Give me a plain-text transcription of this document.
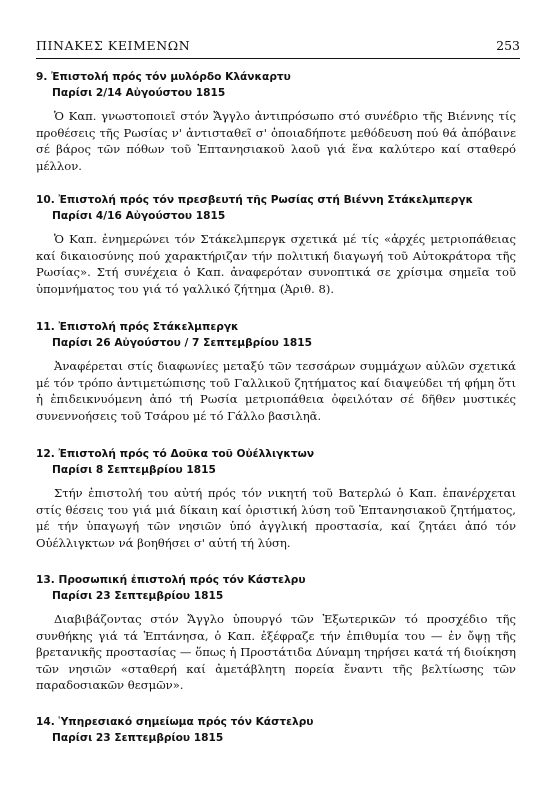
ΠΙΝΑΚΕΣ ΚΕΙΜΕΝΩΝ	253

9. Ἐπιστολή πρός τόν μυλόρδο Κλάνκαρτυ

Παρίσι 2/14 Αὐγούστου 1815

Ὁ Καπ. γνωστοποιεῖ στόν Ἄγγλο ἀντιπρόσωπο στό συνέδριο τῆς Βιέννης τίς προθέσεις τῆς Ρωσίας ν' ἀντισταθεῖ σ' ὁποιαδήποτε μεθόδευση πού θά ἀπόβαινε σέ βάρος τῶν πόθων τοῦ Ἑπτανησιακοῦ λαοῦ γιά ἕνα καλύτερο καί σταθερό μέλλον.

10. Ἐπιστολή πρός τόν πρεσβευτή τῆς Ρωσίας στή Βιέννη Στάκελμπεργκ

Παρίσι 4/16 Αὐγούστου 1815

Ὁ Καπ. ἐνημερώνει τόν Στάκελμπεργκ σχετικά μέ τίς «ἀρχές μετριοπάθειας καί δικαιοσύνης πού χαρακτήριζαν τήν πολιτική διαγωγή τοῦ Αὐτοκράτορα τῆς Ρωσίας». Στή συνέχεια ὁ Καπ. ἀναφερόταν συνοπτικά σε χρίσιμα σημεῖα τοῦ ὑπομνήματος του γιά τό γαλλικό ζήτημα (Ἀριθ. 8).

11. Ἐπιστολή πρός Στάκελμπεργκ

Παρίσι 26 Αὐγούστου / 7 Σεπτεμβρίου 1815

Ἀναφέρεται στίς διαφωνίες μεταξύ τῶν τεσσάρων συμμάχων αὐλῶν σχετικά μέ τόν τρόπο ἀντιμετώπισης τοῦ Γαλλικοῦ ζητήματος καί διαψεύδει τή φήμη ὅτι ἡ ἐπιδεικνυόμενη ἀπό τή Ρωσία μετριοπάθεια ὀφειλόταν σέ δῆθεν μυστικές συνεννοήσεις τοῦ Τσάρου μέ τό Γάλλο βασιληᾶ.

12. Ἐπιστολή πρός τό Δοῦκα τοῦ Οὐέλλιγκτων

Παρίσι 8 Σεπτεμβρίου 1815

Στήν ἐπιστολή του αὐτή πρός τόν νικητή τοῦ Βατερλώ ὁ Καπ. ἐπανέρχεται στίς θέσεις του γιά μιά δίκαιη καί ὁριστική λύση τοῦ Ἑπτανησιακοῦ ζητήματος, μέ τήν ὑπαγωγή τῶν νησιῶν ὑπό ἀγγλική προστασία, καί ζητάει ἀπό τόν Οὐέλλιγκτων νά βοηθήσει σ' αὐτή τή λύση.

13. Προσωπική ἐπιστολή πρός τόν Κάστελρυ

Παρίσι 23 Σεπτεμβρίου 1815

Διαβιβάζοντας στόν Ἄγγλο ὑπουργό τῶν Ἐξωτερικῶν τό προσχέδιο τῆς συνθήκης γιά τά Ἑπτάνησα, ὁ Καπ. ἐξέφραζε τήν ἐπιθυμία του — ἐν ὄψῃ τῆς βρετανικῆς προστασίας — ὅπως ἡ Προστάτιδα Δύναμη τηρήσει κατά τή διοίκηση τῶν νησιῶν «σταθερή καί ἀμετάβλητη πορεία ἔναντι τῆς βελτίωσης τῶν παραδοσιακῶν θεσμῶν».

14. Ὑπηρεσιακό σημείωμα πρός τόν Κάστελρυ

Παρίσι 23 Σεπτεμβρίου 1815
